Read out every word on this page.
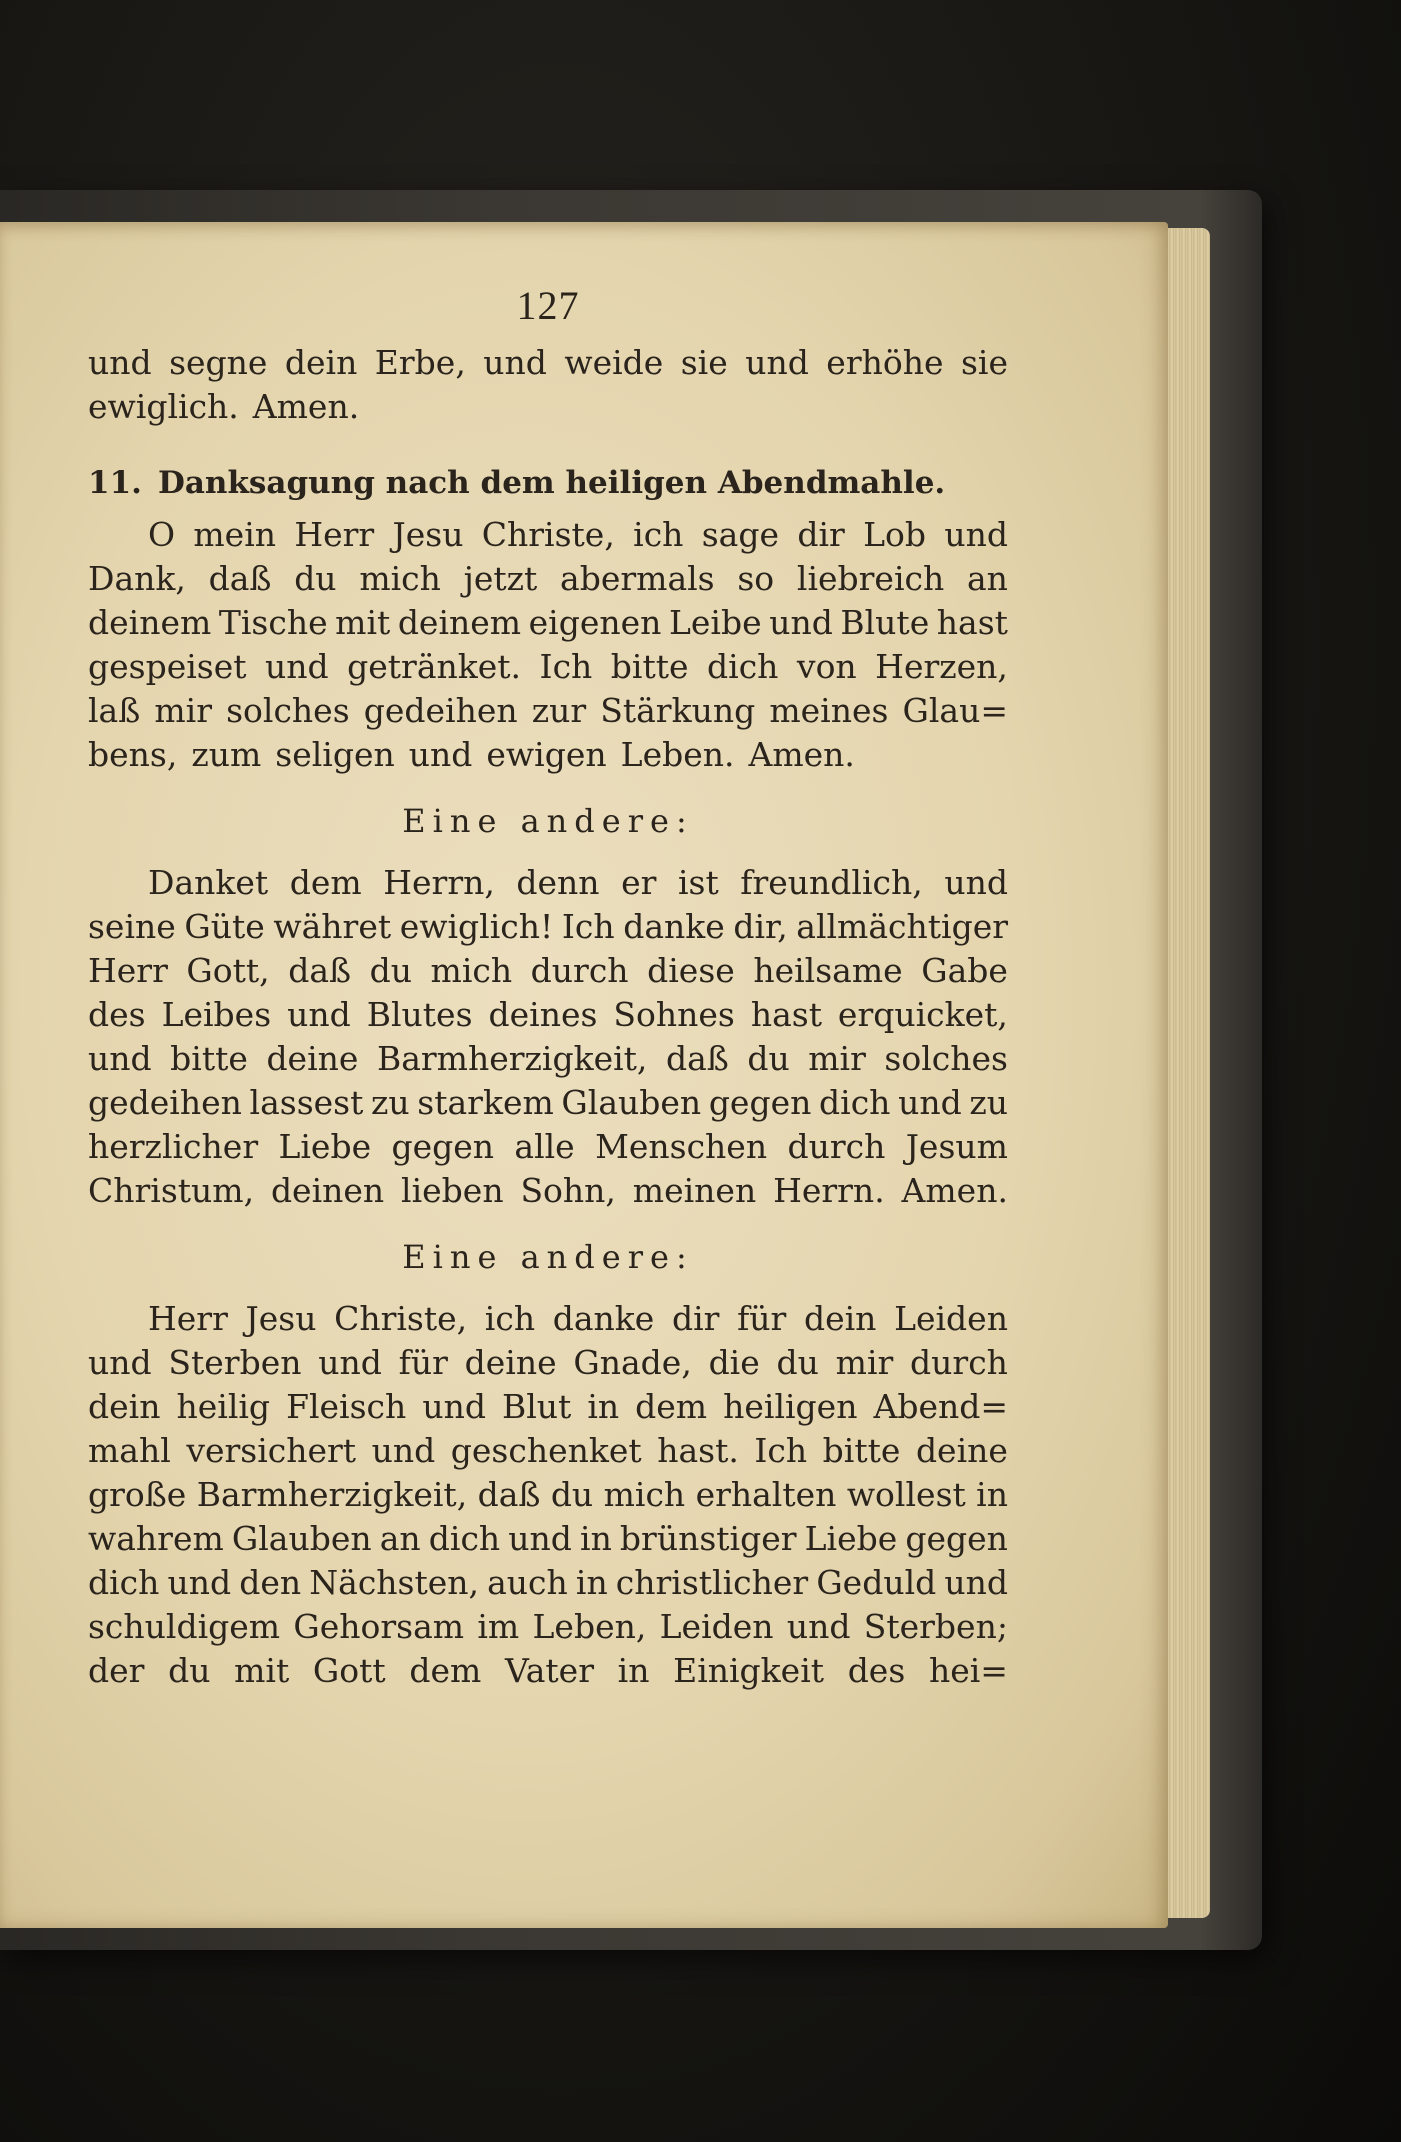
127
und segne dein Erbe, und weide sie und erhöhe sie
ewiglich. Amen.
11. Danksagung nach dem heiligen Abendmahle.
O mein Herr Jesu Christe, ich sage dir Lob und
Dank, daß du mich jetzt abermals so liebreich an
deinem Tische mit deinem eigenen Leibe und Blute hast
gespeiset und getränket. Ich bitte dich von Herzen,
laß mir solches gedeihen zur Stärkung meines Glau=
bens, zum seligen und ewigen Leben. Amen.
Eine andere:
Danket dem Herrn, denn er ist freundlich, und
seine Güte währet ewiglich! Ich danke dir, allmächtiger
Herr Gott, daß du mich durch diese heilsame Gabe
des Leibes und Blutes deines Sohnes hast erquicket,
und bitte deine Barmherzigkeit, daß du mir solches
gedeihen lassest zu starkem Glauben gegen dich und zu
herzlicher Liebe gegen alle Menschen durch Jesum
Christum, deinen lieben Sohn, meinen Herrn. Amen.
Eine andere:
Herr Jesu Christe, ich danke dir für dein Leiden
und Sterben und für deine Gnade, die du mir durch
dein heilig Fleisch und Blut in dem heiligen Abend=
mahl versichert und geschenket hast. Ich bitte deine
große Barmherzigkeit, daß du mich erhalten wollest in
wahrem Glauben an dich und in brünstiger Liebe gegen
dich und den Nächsten, auch in christlicher Geduld und
schuldigem Gehorsam im Leben, Leiden und Sterben;
der du mit Gott dem Vater in Einigkeit des hei=
